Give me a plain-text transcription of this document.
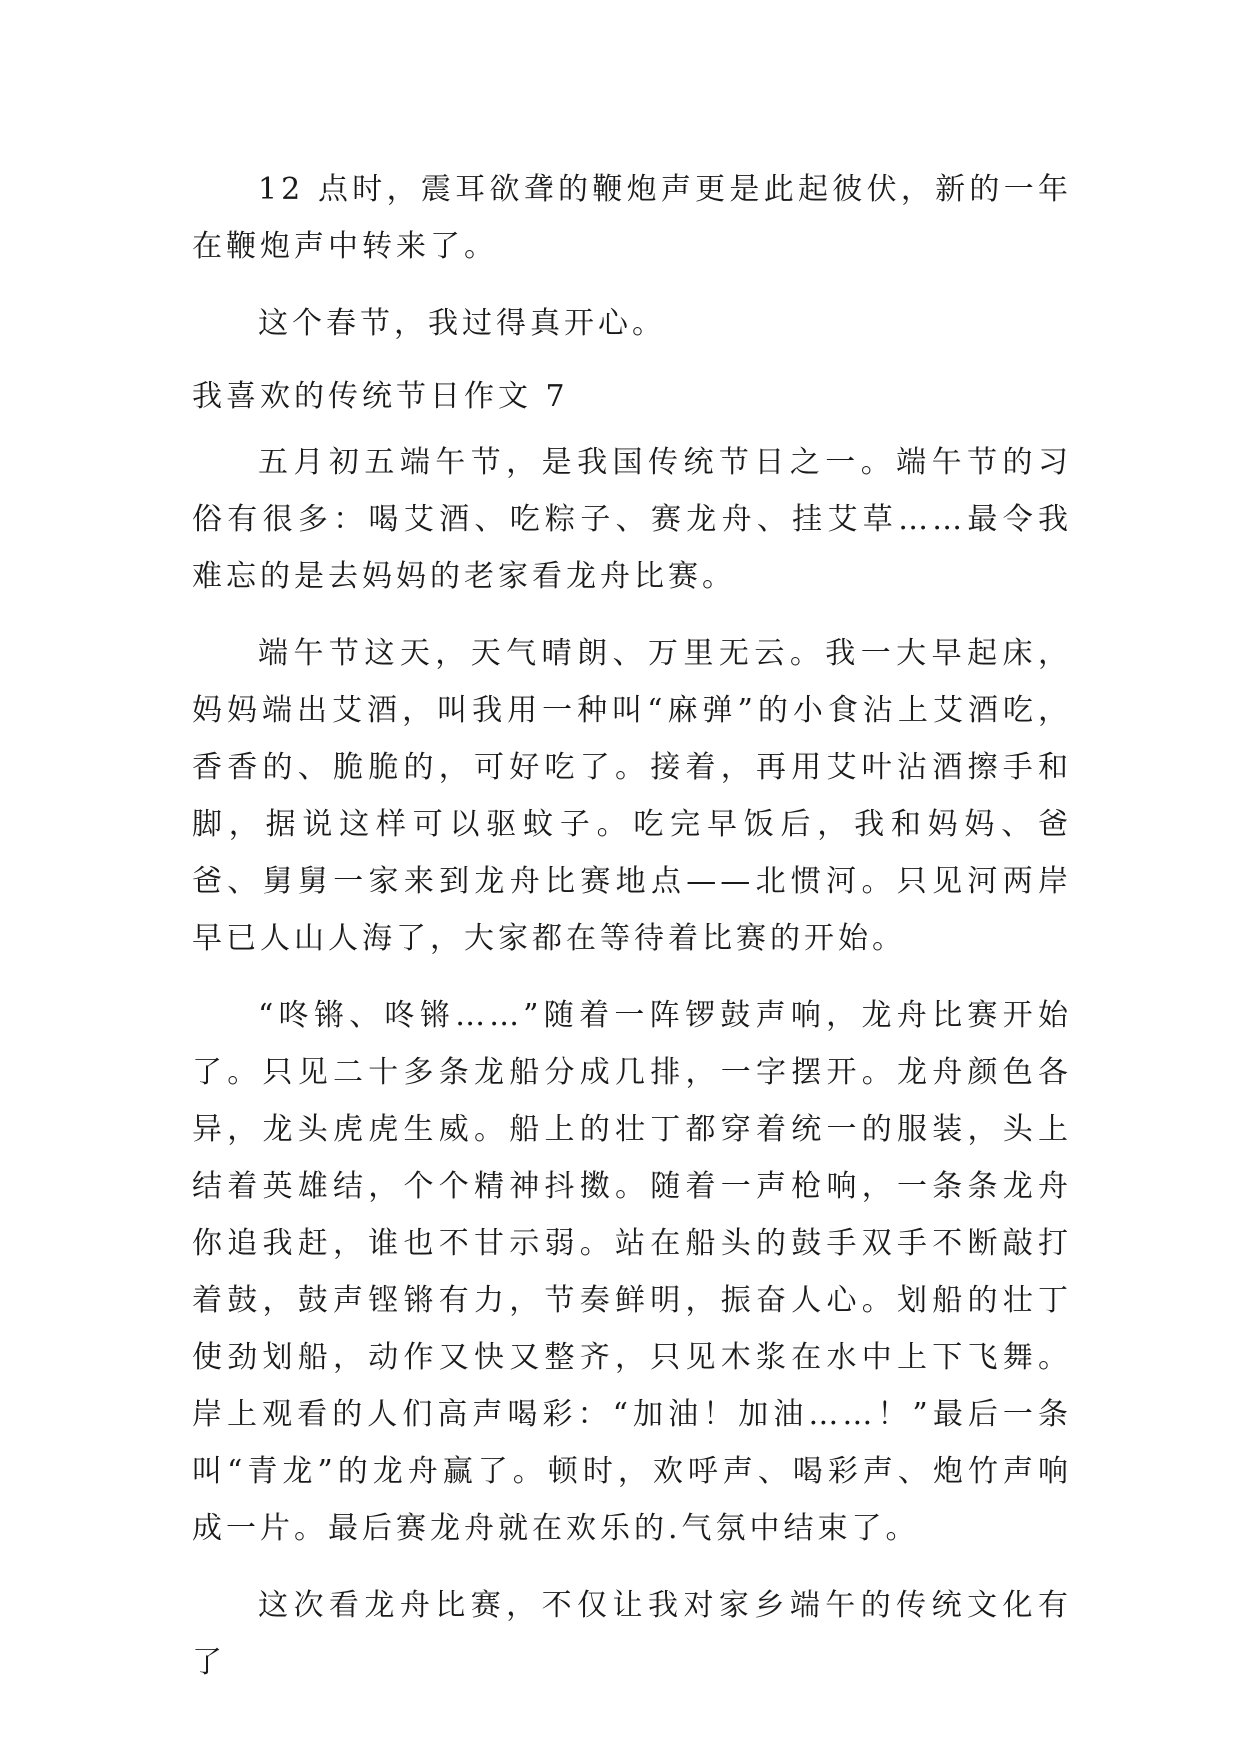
12 点时，震耳欲聋的鞭炮声更是此起彼伏，新的一年在鞭炮声中转来了。

这个春节，我过得真开心。

我喜欢的传统节日作文 7

五月初五端午节，是我国传统节日之一。端午节的习俗有很多：喝艾酒、吃粽子、赛龙舟、挂艾草……最令我难忘的是去妈妈的老家看龙舟比赛。

端午节这天，天气晴朗、万里无云。我一大早起床，妈妈端出艾酒，叫我用一种叫“麻弹”的小食沾上艾酒吃，香香的、脆脆的，可好吃了。接着，再用艾叶沾酒擦手和脚，据说这样可以驱蚊子。吃完早饭后，我和妈妈、爸爸、舅舅一家来到龙舟比赛地点——北惯河。只见河两岸早已人山人海了，大家都在等待着比赛的开始。

“咚锵、咚锵……”随着一阵锣鼓声响，龙舟比赛开始了。只见二十多条龙船分成几排，一字摆开。龙舟颜色各异，龙头虎虎生威。船上的壮丁都穿着统一的服装，头上结着英雄结，个个精神抖擞。随着一声枪响，一条条龙舟你追我赶，谁也不甘示弱。站在船头的鼓手双手不断敲打着鼓，鼓声铿锵有力，节奏鲜明，振奋人心。划船的壮丁使劲划船，动作又快又整齐，只见木浆在水中上下飞舞。岸上观看的人们高声喝彩：“加油！加油……！”最后一条叫“青龙”的龙舟赢了。顿时，欢呼声、喝彩声、炮竹声响成一片。最后赛龙舟就在欢乐的.气氛中结束了。

这次看龙舟比赛，不仅让我对家乡端午的传统文化有了
